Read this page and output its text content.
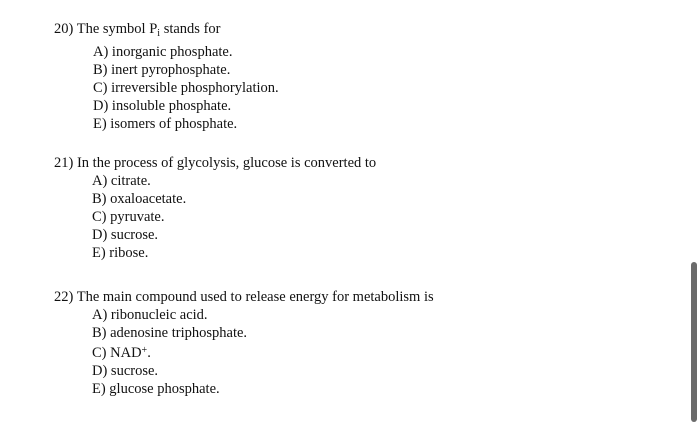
20) The symbol $P_i$ stands for
A) inorganic phosphate.
B) inert pyrophosphate.
C) irreversible phosphorylation.
D) insoluble phosphate.
E) isomers of phosphate.
21) In the process of glycolysis, glucose is converted to
A) citrate.
B) oxaloacetate.
C) pyruvate.
D) sucrose.
E) ribose.
22) The main compound used to release energy for metabolism is
A) ribonucleic acid.
B) adenosine triphosphate.
C) NAD+.
D) sucrose.
E) glucose phosphate.
